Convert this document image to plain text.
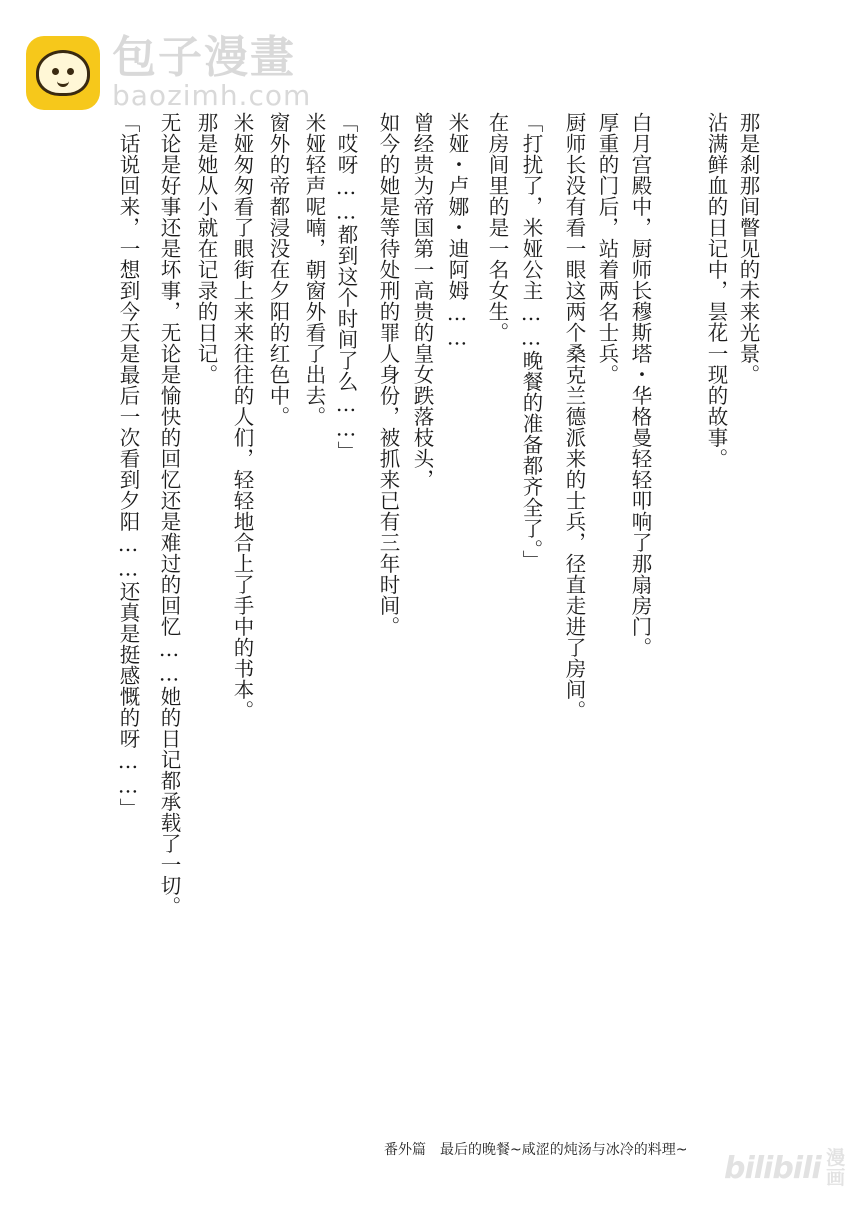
包子漫畫
baozimh.com
那是刹那间瞥见的未来光景。
沾满鲜血的日记中，昙花一现的故事。
白月宫殿中，厨师长穆斯塔・华格曼轻轻叩响了那扇房门。
厚重的门后，站着两名士兵。
厨师长没有看一眼这两个桑克兰德派来的士兵，径直走进了房间。
「打扰了，米娅公主……晚餐的准备都齐全了。」
在房间里的是一名女生。
米娅・卢娜・迪阿姆……
曾经贵为帝国第一高贵的皇女跌落枝头，
如今的她是等待处刑的罪人身份，被抓来已有三年时间。
「哎呀……都到这个时间了么……」
米娅轻声呢喃，朝窗外看了出去。
窗外的帝都浸没在夕阳的红色中。
米娅匆匆看了眼街上来来往往的人们，轻轻地合上了手中的书本。
那是她从小就在记录的日记。
无论是好事还是坏事，无论是愉快的回忆还是难过的回忆……她的日记都承载了一切。
「话说回来，一想到今天是最后一次看到夕阳……还真是挺感慨的呀……」
番外篇　最后的晚餐~咸涩的炖汤与冰冷的料理~
bilibili 漫画
